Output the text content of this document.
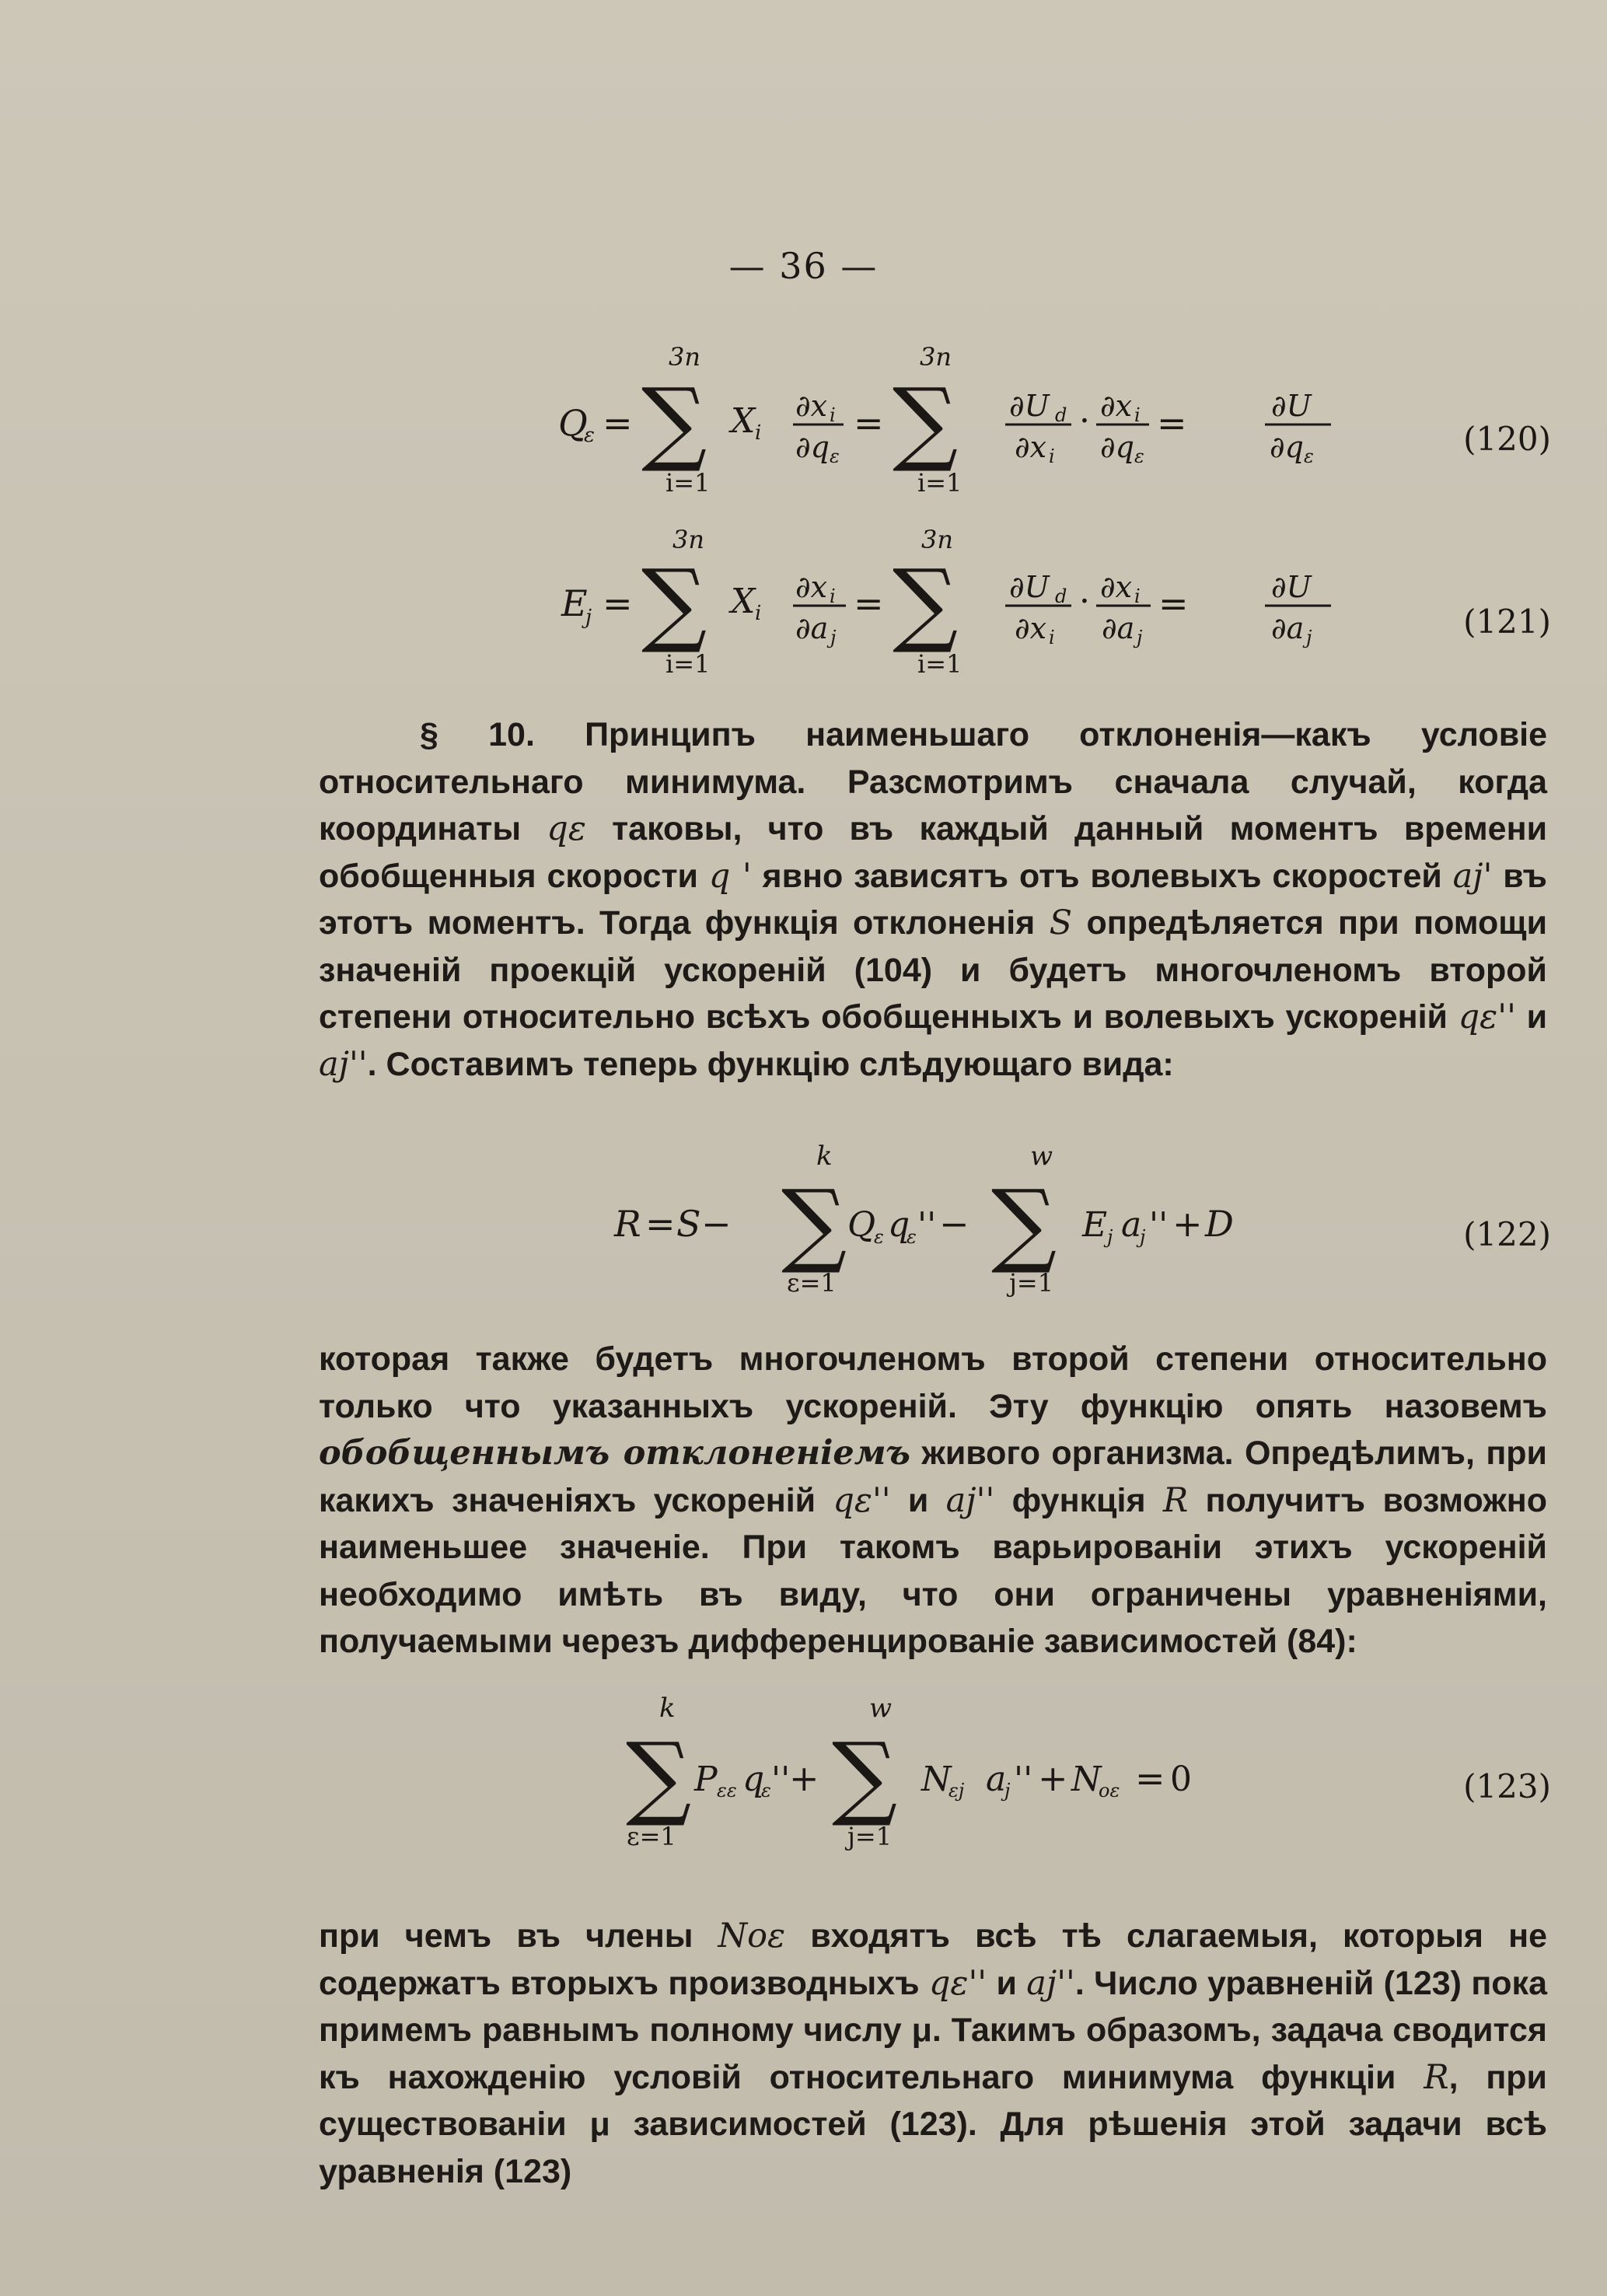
— 36 —
Q
ε = ∑ X i
∂x i
∂q ε
= ∑ ∂U d
∂x i
· ∂x i
∂q ε
=	∂U
∂q ε
3n
i=1
3n
i=1
(120)
E
j = ∑ X i
∂x i
∂a j
= ∑ ∂U d
∂x i
· ∂x i
∂a j
=	∂U
∂a j
3n
i=1
3n
i=1
(121)

§ 10. Принципъ наименьшаго отклоненія—какъ условіе относительнаго минимума. Разсмотримъ сначала случай, когда координаты qε таковы, что въ каждый данный моментъ времени обобщенныя скорости q ' явно зависятъ отъ волевыхъ скоростей aj' въ этотъ моментъ. Тогда функція отклоненія S опредѣляется при помощи значеній проекцій ускореній (104) и будетъ многочленомъ второй степени относительно всѣхъ обобщенныхъ и волевыхъ ускореній qε'' и aj''. Составимъ теперь функцію слѣдующаго вида:

R = S − ∑ Q
ε q
ε '' − ∑ E j a
j '' + D
k
ε=1
w
j=1
(122)

которая также будетъ многочленомъ второй степени относительно только что указанныхъ ускореній. Эту функцію опять назовемъ обобщеннымъ отклоненіемъ живого организма. Опредѣлимъ, при какихъ значеніяхъ ускореній qε'' и aj'' функція R получитъ возможно наименьшее значеніе. При такомъ варьированіи этихъ ускореній необходимо имѣть въ виду, что они ограничены уравненіями, получаемыми черезъ дифференцированіе зависимостей (84):

∑ P εε q
ε ''
+ ∑ N
εj a
j '' + N
οε = 0
k
ε=1
w
j=1
(123)

при чемъ въ члены Nοε входятъ всѣ тѣ слагаемыя, которыя не содержатъ вторыхъ производныхъ qε'' и aj''. Число уравненій (123) пока примемъ равнымъ полному числу μ. Такимъ образомъ, задача сводится къ нахожденію условій относительнаго минимума функціи R, при существованіи μ зависимостей (123). Для рѣшенія этой задачи всѣ уравненія (123)
